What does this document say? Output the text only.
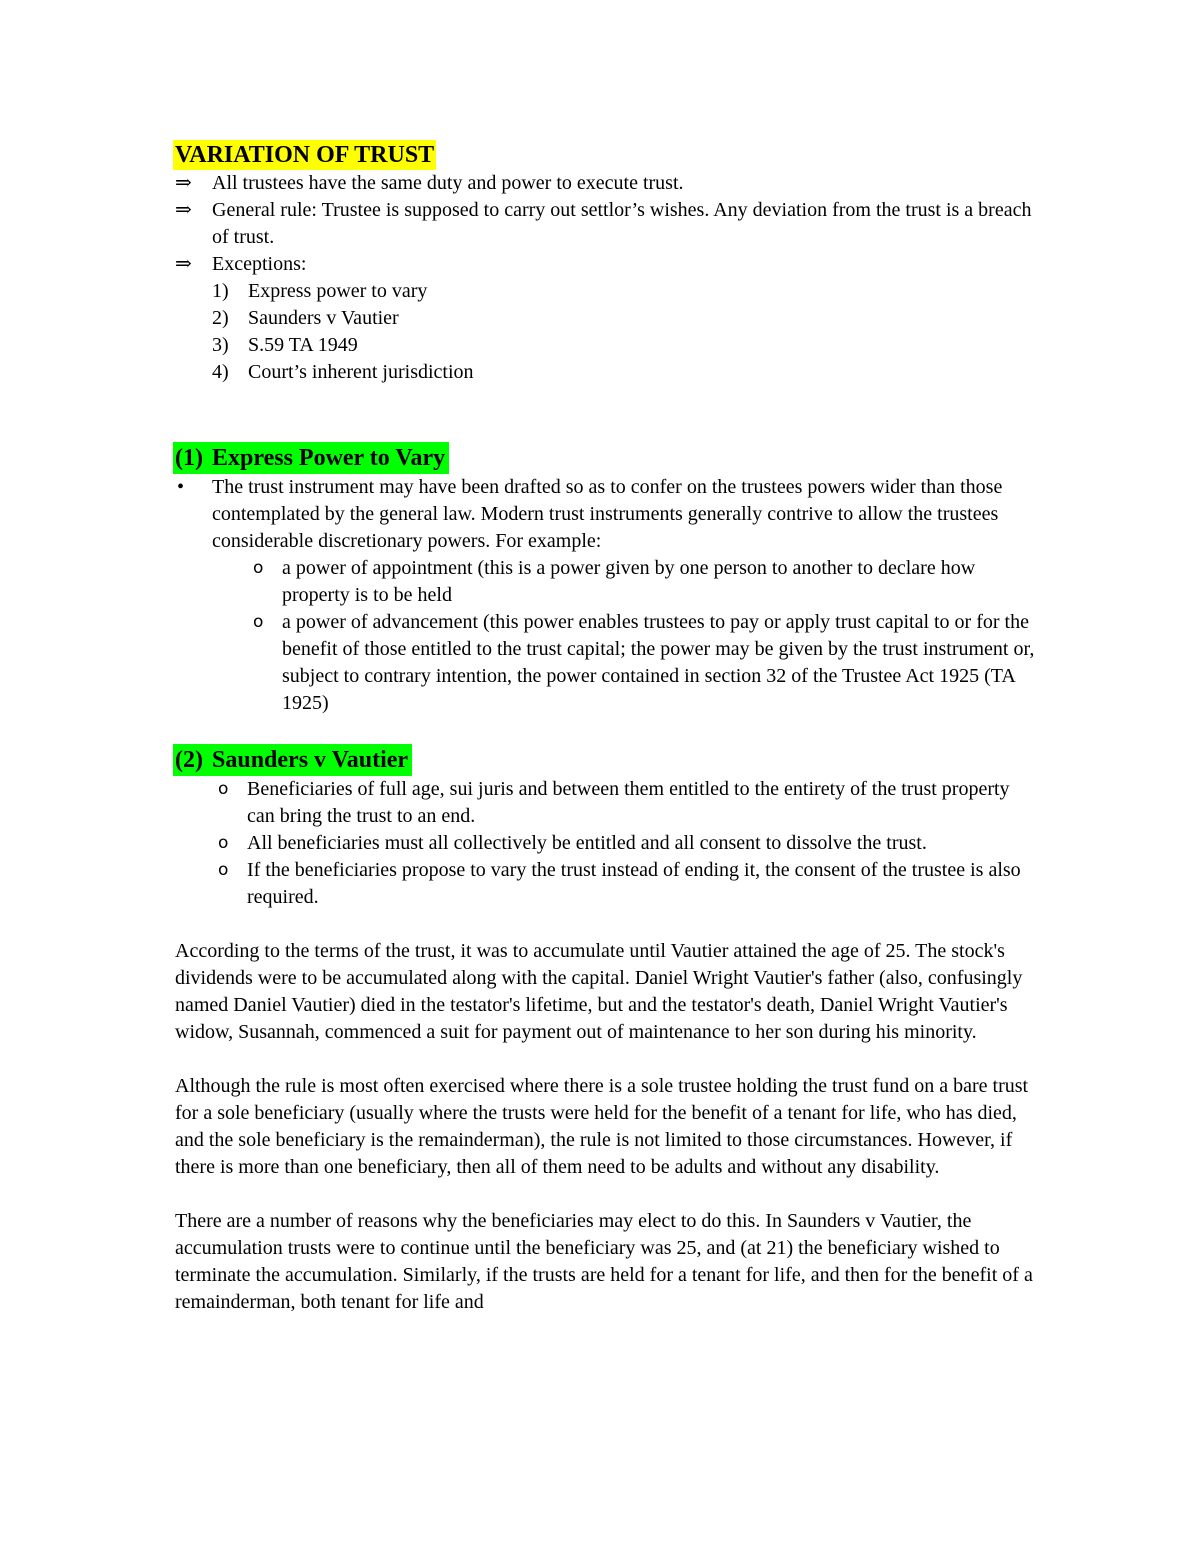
VARIATION OF TRUST
⇒ All trustees have the same duty and power to execute trust.
⇒ General rule: Trustee is supposed to carry out settlor’s wishes. Any deviation from the trust is a breach of trust.
⇒ Exceptions:
1) Express power to vary
2) Saunders v Vautier
3) S.59 TA 1949
4) Court’s inherent jurisdiction
(1) Express Power to Vary
• The trust instrument may have been drafted so as to confer on the trustees powers wider than those contemplated by the general law. Modern trust instruments generally contrive to allow the trustees considerable discretionary powers. For example:
o a power of appointment (this is a power given by one person to another to declare how property is to be held
o a power of advancement (this power enables trustees to pay or apply trust capital to or for the benefit of those entitled to the trust capital; the power may be given by the trust instrument or, subject to contrary intention, the power contained in section 32 of the Trustee Act 1925 (TA 1925)
(2) Saunders v Vautier
o Beneficiaries of full age, sui juris and between them entitled to the entirety of the trust property can bring the trust to an end.
o All beneficiaries must all collectively be entitled and all consent to dissolve the trust.
o If the beneficiaries propose to vary the trust instead of ending it, the consent of the trustee is also required.

According to the terms of the trust, it was to accumulate until Vautier attained the age of 25. The stock's dividends were to be accumulated along with the capital. Daniel Wright Vautier's father (also, confusingly named Daniel Vautier) died in the testator's lifetime, but and the testator's death, Daniel Wright Vautier's widow, Susannah, commenced a suit for payment out of maintenance to her son during his minority.

Although the rule is most often exercised where there is a sole trustee holding the trust fund on a bare trust for a sole beneficiary (usually where the trusts were held for the benefit of a tenant for life, who has died, and the sole beneficiary is the remainderman), the rule is not limited to those circumstances. However, if there is more than one beneficiary, then all of them need to be adults and without any disability.

There are a number of reasons why the beneficiaries may elect to do this. In Saunders v Vautier, the accumulation trusts were to continue until the beneficiary was 25, and (at 21) the beneficiary wished to terminate the accumulation. Similarly, if the trusts are held for a tenant for life, and then for the benefit of a remainderman, both tenant for life and
